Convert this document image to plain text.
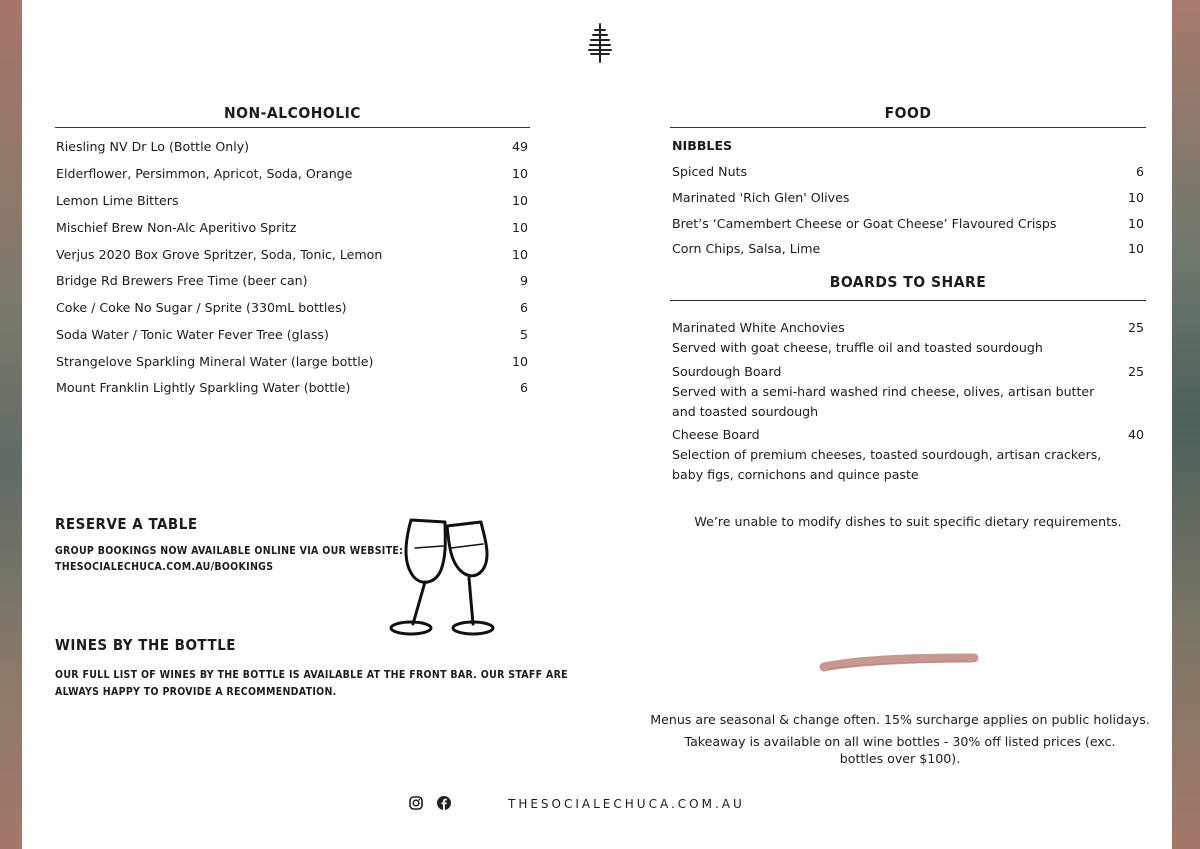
NON-ALCOHOLIC
Riesling NV Dr Lo (Bottle Only)	49
Elderflower, Persimmon, Apricot, Soda, Orange	10
Lemon Lime Bitters	10
Mischief Brew Non-Alc Aperitivo Spritz	10
Verjus 2020 Box Grove Spritzer, Soda, Tonic, Lemon	10
Bridge Rd Brewers Free Time (beer can)	9
Coke / Coke No Sugar / Sprite (330mL bottles)	6
Soda Water / Tonic Water Fever Tree (glass)	5
Strangelove Sparkling Mineral Water (large bottle)	10
Mount Franklin Lightly Sparkling Water (bottle)	6
FOOD
NIBBLES
Spiced Nuts	6
Marinated 'Rich Glen' Olives	10
Bret’s ‘Camembert Cheese or Goat Cheese’ Flavoured Crisps	10
Corn Chips, Salsa, Lime	10
BOARDS TO SHARE
Marinated White Anchovies	25
Served with goat cheese, truffle oil and toasted sourdough
Sourdough Board	25
Served with a semi-hard washed rind cheese, olives, artisan butter and toasted sourdough
Cheese Board	40
Selection of premium cheeses, toasted sourdough, artisan crackers, baby figs, cornichons and quince paste
We’re unable to modify dishes to suit specific dietary requirements.
RESERVE A TABLE
GROUP BOOKINGS NOW AVAILABLE ONLINE VIA OUR WEBSITE:
THESOCIALECHUCA.COM.AU/BOOKINGS
WINES BY THE BOTTLE
OUR FULL LIST OF WINES BY THE BOTTLE IS AVAILABLE AT THE FRONT BAR. OUR STAFF ARE
ALWAYS HAPPY TO PROVIDE A RECOMMENDATION.
Menus are seasonal & change often. 15% surcharge applies on public holidays.
Takeaway is available on all wine bottles - 30% off listed prices (exc.
bottles over $100).
THESOCIALECHUCA.COM.AU
